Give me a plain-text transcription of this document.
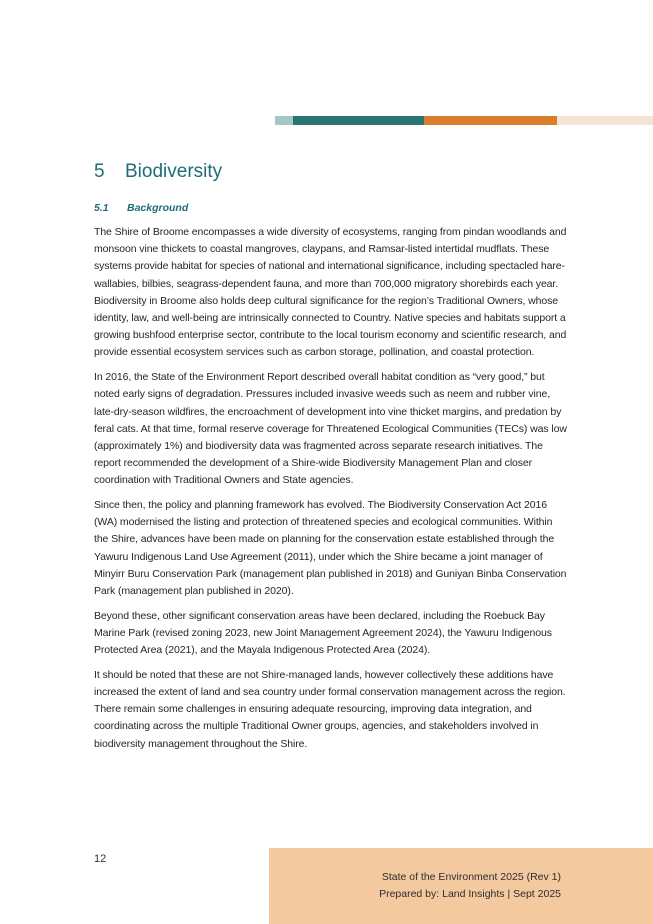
5	Biodiversity
5.1	Background

The Shire of Broome encompasses a wide diversity of ecosystems, ranging from pindan woodlands and monsoon vine thickets to coastal mangroves, claypans, and Ramsar-listed intertidal mudflats. These systems provide habitat for species of national and international significance, including spectacled hare-wallabies, bilbies, seagrass-dependent fauna, and more than 700,000 migratory shorebirds each year. Biodiversity in Broome also holds deep cultural significance for the region’s Traditional Owners, whose identity, law, and well-being are intrinsically connected to Country. Native species and habitats support a growing bushfood enterprise sector, contribute to the local tourism economy and scientific research, and provide essential ecosystem services such as carbon storage, pollination, and coastal protection.

In 2016, the State of the Environment Report described overall habitat condition as “very good,” but noted early signs of degradation. Pressures included invasive weeds such as neem and rubber vine, late-dry-season wildfires, the encroachment of development into vine thicket margins, and predation by feral cats. At that time, formal reserve coverage for Threatened Ecological Communities (TECs) was low (approximately 1%) and biodiversity data was fragmented across separate research initiatives. The report recommended the development of a Shire-wide Biodiversity Management Plan and closer coordination with Traditional Owners and State agencies.

Since then, the policy and planning framework has evolved. The Biodiversity Conservation Act 2016 (WA) modernised the listing and protection of threatened species and ecological communities. Within the Shire, advances have been made on planning for the conservation estate established through the Yawuru Indigenous Land Use Agreement (2011), under which the Shire became a joint manager of Minyirr Buru Conservation Park (management plan published in 2018) and Guniyan Binba Conservation Park (management plan published in 2020).

Beyond these, other significant conservation areas have been declared, including the Roebuck Bay Marine Park (revised zoning 2023, new Joint Management Agreement 2024), the Yawuru Indigenous Protected Area (2021), and the Mayala Indigenous Protected Area (2024).

It should be noted that these are not Shire-managed lands, however collectively these additions have increased the extent of land and sea country under formal conservation management across the region. There remain some challenges in ensuring adequate resourcing, improving data integration, and coordinating across the multiple Traditional Owner groups, agencies, and stakeholders involved in biodiversity management throughout the Shire.

12
State of the Environment 2025 (Rev 1)
Prepared by: Land Insights | Sept 2025
